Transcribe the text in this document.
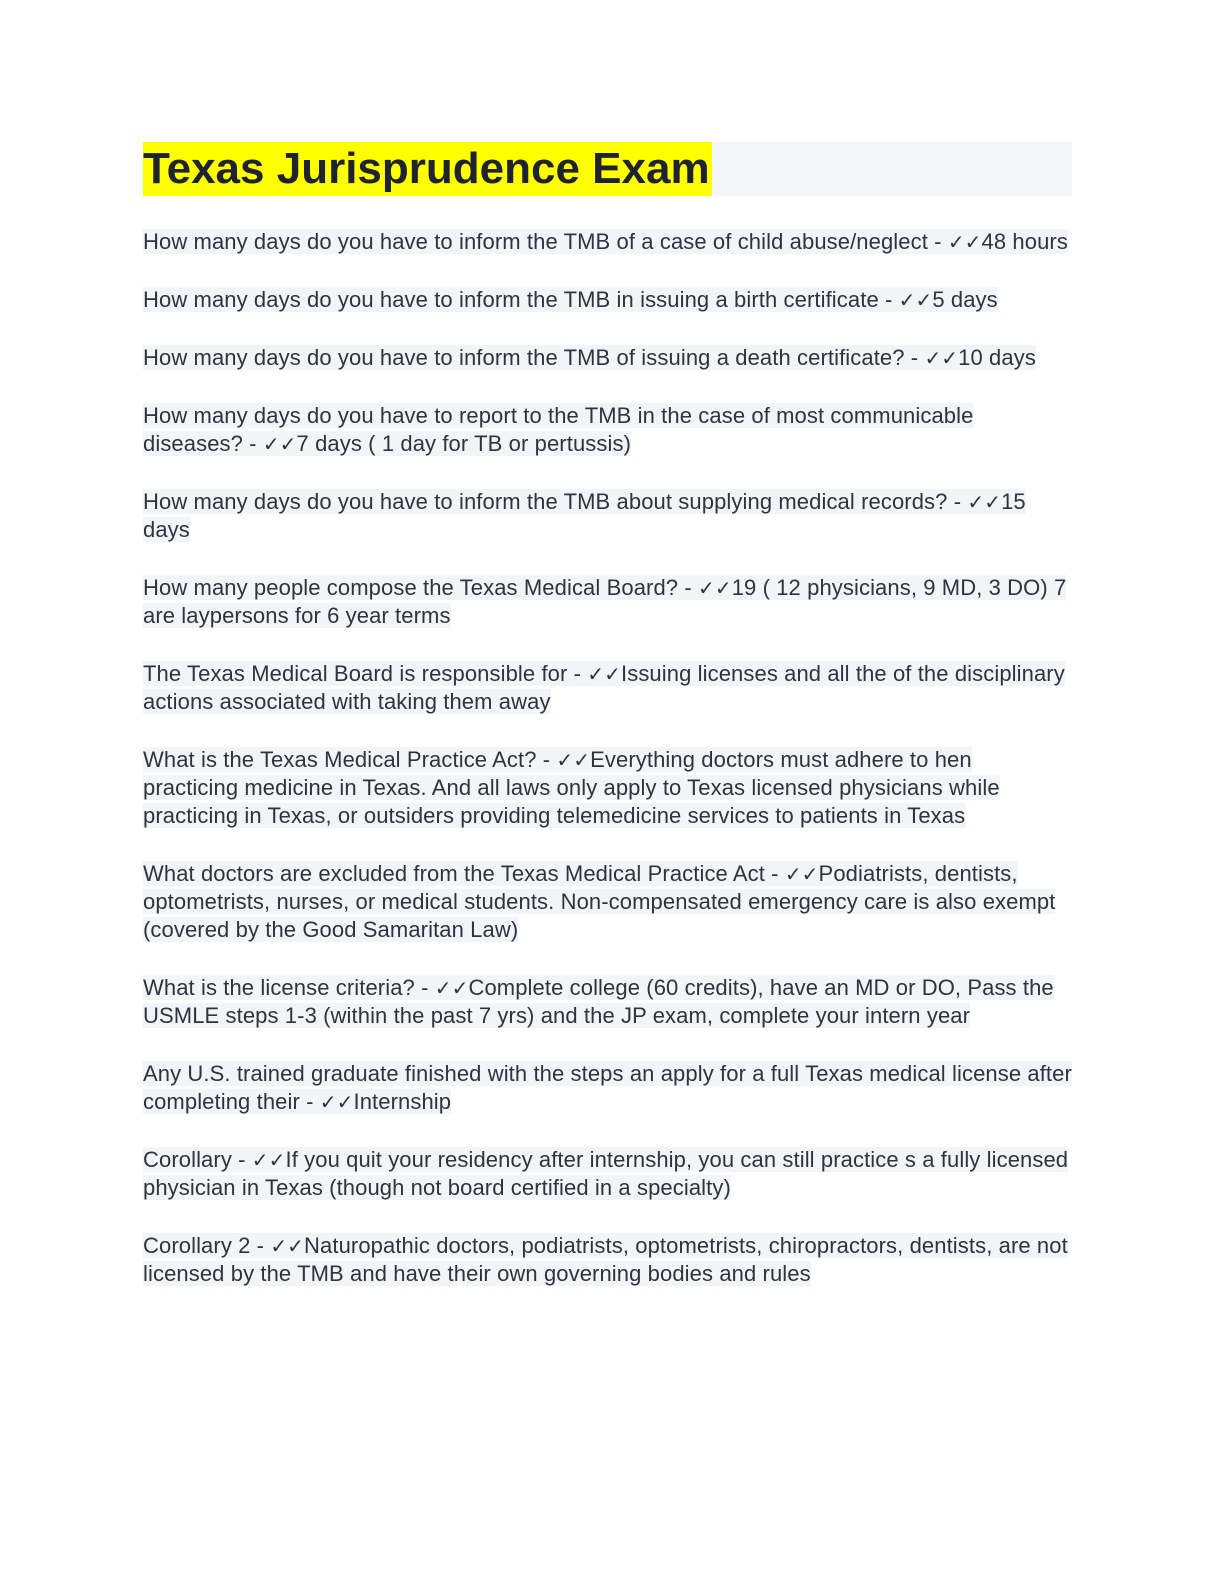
Texas Jurisprudence Exam

How many days do you have to inform the TMB of a case of child abuse/neglect - ✓✓48 hours

How many days do you have to inform the TMB in issuing a birth certificate - ✓✓5 days

How many days do you have to inform the TMB of issuing a death certificate? - ✓✓10 days

How many days do you have to report to the TMB in the case of most communicable diseases? - ✓✓7 days ( 1 day for TB or pertussis)

How many days do you have to inform the TMB about supplying medical records? - ✓✓15 days

How many people compose the Texas Medical Board? - ✓✓19 ( 12 physicians, 9 MD, 3 DO) 7 are laypersons for 6 year terms

The Texas Medical Board is responsible for - ✓✓Issuing licenses and all the of the disciplinary actions associated with taking them away

What is the Texas Medical Practice Act? - ✓✓Everything doctors must adhere to hen practicing medicine in Texas. And all laws only apply to Texas licensed physicians while practicing in Texas, or outsiders providing telemedicine services to patients in Texas

What doctors are excluded from the Texas Medical Practice Act - ✓✓Podiatrists, dentists, optometrists, nurses, or medical students. Non-compensated emergency care is also exempt (covered by the Good Samaritan Law)

What is the license criteria? - ✓✓Complete college (60 credits), have an MD or DO, Pass the USMLE steps 1-3 (within the past 7 yrs) and the JP exam, complete your intern year

Any U.S. trained graduate finished with the steps an apply for a full Texas medical license after completing their - ✓✓Internship

Corollary - ✓✓If you quit your residency after internship, you can still practice s a fully licensed physician in Texas (though not board certified in a specialty)

Corollary 2 - ✓✓Naturopathic doctors, podiatrists, optometrists, chiropractors, dentists, are not licensed by the TMB and have their own governing bodies and rules
